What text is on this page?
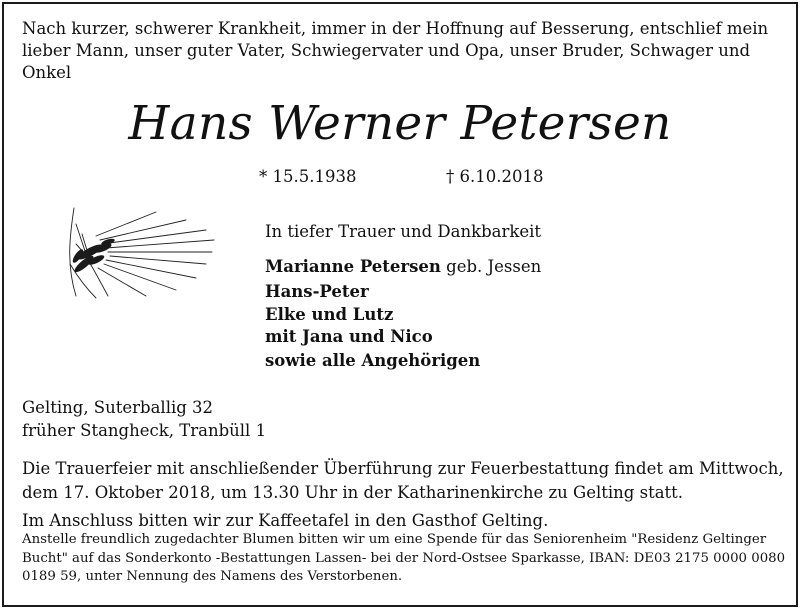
Nach kurzer, schwerer Krankheit, immer in der Hoffnung auf Besserung, entschlief mein lieber Mann, unser guter Vater, Schwiegervater und Opa, unser Bruder, Schwager und Onkel
Hans Werner Petersen
* 15.5.1938	† 6.10.2018
In tiefer Trauer und Dankbarkeit
Marianne Petersen geb. Jessen
Hans-Peter
Elke und Lutz
mit Jana und Nico
sowie alle Angehörigen
Gelting, Suterballig 32
früher Stangheck, Tranbüll 1
Die Trauerfeier mit anschließender Überführung zur Feuerbestattung findet am Mittwoch, dem 17. Oktober 2018, um 13.30 Uhr in der Katharinenkirche zu Gelting statt.
Im Anschluss bitten wir zur Kaffeetafel in den Gasthof Gelting.
Anstelle freundlich zugedachter Blumen bitten wir um eine Spende für das Seniorenheim "Residenz Geltinger Bucht" auf das Sonderkonto -Bestattungen Lassen- bei der Nord-Ostsee Sparkasse, IBAN: DE03 2175 0000 0080 0189 59, unter Nennung des Namens des Verstorbenen.
